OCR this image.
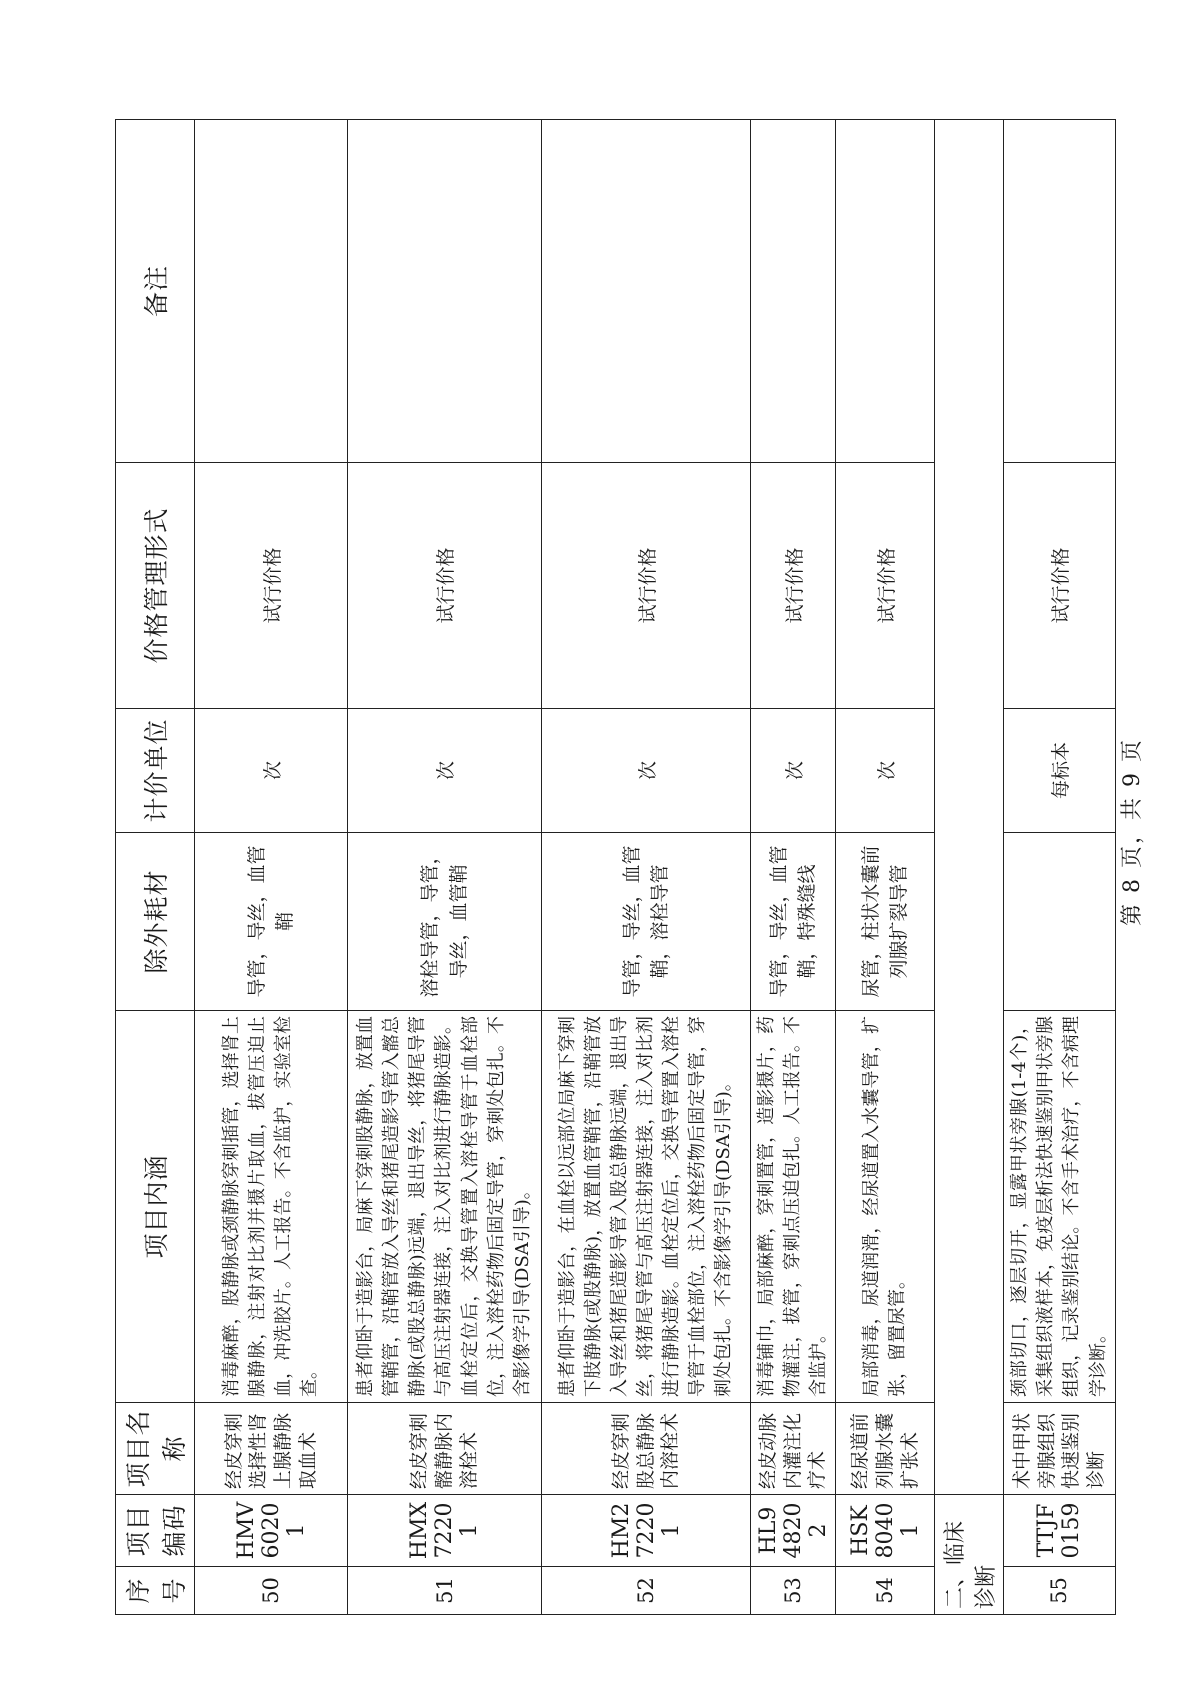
序号	项目编码	项目名称	项目内涵	除外耗材	计价单位	价格管理形式	备注
50	HMV60201	经皮穿刺选择性肾上腺静脉取血术	消毒麻醉，股静脉或颈静脉穿刺插管，选择肾上腺静脉，注射对比剂并摄片取血，拔管压迫止血，冲洗胶片。人工报告。不含监护，实验室检查。	导管，导丝，血管鞘	次	试行价格	
51	HMX72201	经皮穿刺髂静脉内溶栓术	患者仰卧于造影台，局麻下穿刺股静脉，放置血管鞘管，沿鞘管放入导丝和猪尾造影导管入髂总静脉(或股总静脉)远端，退出导丝，将猪尾导管与高压注射器连接，注入对比剂进行静脉造影。血栓定位后，交换导管置入溶栓导管于血栓部位，注入溶栓药物后固定导管，穿刺处包扎。不含影像学引导(DSA引导)。	溶栓导管，导管，导丝，血管鞘	次	试行价格	
52	HM272201	经皮穿刺股总静脉内溶栓术	患者仰卧于造影台，在血栓以远部位局麻下穿刺下肢静脉(或股静脉)，放置血管鞘管，沿鞘管放入导丝和猪尾造影导管入股总静脉远端，退出导丝，将猪尾导管与高压注射器连接，注入对比剂进行静脉造影。血栓定位后，交换导管置入溶栓导管于血栓部位，注入溶栓药物后固定导管，穿刺处包扎。不含影像学引导(DSA引导)。	导管，导丝，血管鞘，溶栓导管	次	试行价格	
53	HL948202	经皮动脉内灌注化疗术	消毒铺巾，局部麻醉，穿刺置管，造影摄片，药物灌注，拔管，穿刺点压迫包扎。人工报告。不含监护。	导管，导丝，血管鞘，特殊缝线	次	试行价格	
54	HSK80401	经尿道前列腺水囊扩张术	局部消毒，尿道润滑，经尿道置入水囊导管，扩张，留置尿管。	尿管，柱状水囊前列腺扩裂导管	次	试行价格	
二、临床诊断							
55	TTJF0159	术中甲状旁腺组织快速鉴别诊断	颈部切口，逐层切开，显露甲状旁腺(1-4个)，采集组织液样本，免疫层析法快速鉴别甲状旁腺组织，记录鉴别结论。不含手术治疗，不含病理学诊断。		每标本	试行价格	
第 8 页，共 9 页
